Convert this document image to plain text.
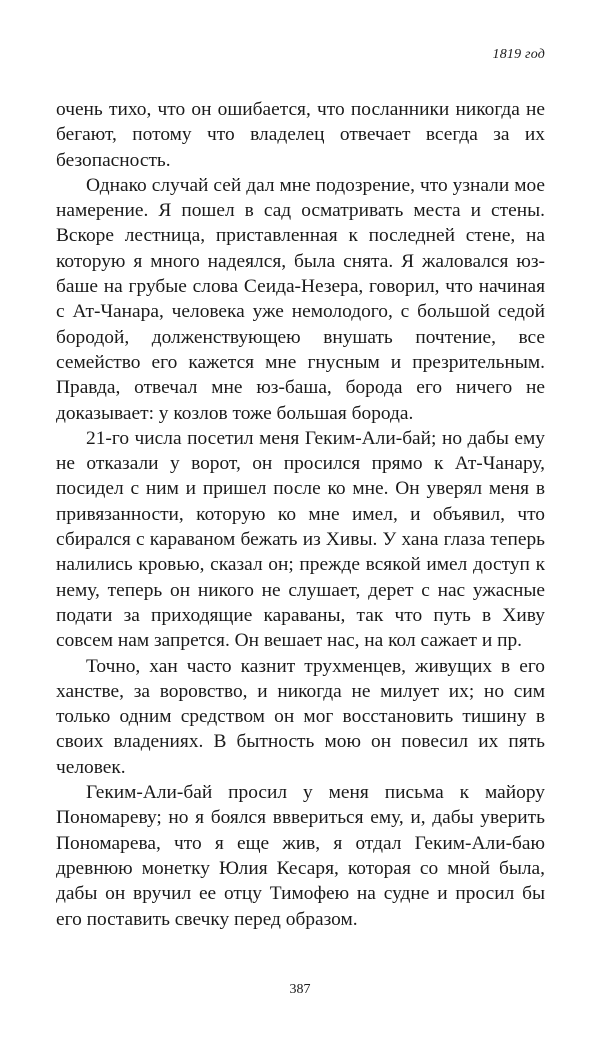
1819 год

очень тихо, что он ошибается, что посланники никогда не бегают, потому что владелец отвечает всегда за их безопасность.

Однако случай сей дал мне подозрение, что узнали мое намерение. Я пошел в сад осматривать места и стены. Вскоре лестница, приставленная к последней стене, на которую я много надеялся, была снята. Я жаловался юз-баше на грубые слова Сеида-Незера, говорил, что начиная с Ат-Чанара, человека уже немолодого, с большой седой бородой, долженствующею внушать почтение, все семейство его кажется мне гнусным и презрительным. Правда, отвечал мне юз-баша, борода его ничего не доказывает: у козлов тоже большая борода.

21-го числа посетил меня Геким-Али-бай; но дабы ему не отказали у ворот, он просился прямо к Ат-Чанару, посидел с ним и пришел после ко мне. Он уверял меня в привязанности, которую ко мне имел, и объявил, что сбирался с караваном бежать из Хивы. У хана глаза теперь налились кровью, сказал он; прежде всякой имел доступ к нему, теперь он никого не слушает, дерет с нас ужасные подати за приходящие караваны, так что путь в Хиву совсем нам запрется. Он вешает нас, на кол сажает и пр.

Точно, хан часто казнит трухменцев, живущих в его ханстве, за воровство, и никогда не милует их; но сим только одним средством он мог восстановить тишину в своих владениях. В бытность мою он повесил их пять человек.

Геким-Али-бай просил у меня письма к майору Пономареву; но я боялся вввериться ему, и, дабы уверить Пономарева, что я еще жив, я отдал Геким-Али-баю древнюю монетку Юлия Кесаря, которая со мной была, дабы он вручил ее отцу Тимофею на судне и просил бы его поставить свечку перед образом.

387
